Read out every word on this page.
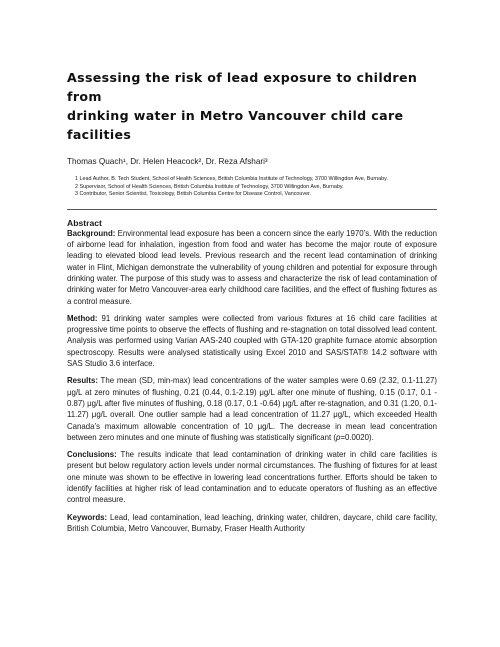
Assessing the risk of lead exposure to children from
drinking water in Metro Vancouver child care facilities
Thomas Quach¹, Dr. Helen Heacock², Dr. Reza Afshari³
1 Lead Author, B. Tech Student, School of Health Sciences, British Columbia Institute of Technology, 3700 Willingdon Ave, Burnaby.
2 Supervisor, School of Health Sciences, British Columbia Institute of Technology, 3700 Willingdon Ave, Burnaby.
3 Contributor, Senior Scientist, Toxicology, British Columbia Centre for Disease Control, Vancouver.
Abstract

Background: Environmental lead exposure has been a concern since the early 1970’s. With the reduction of airborne lead for inhalation, ingestion from food and water has become the major route of exposure leading to elevated blood lead levels. Previous research and the recent lead contamination of drinking water in Flint, Michigan demonstrate the vulnerability of young children and potential for exposure through drinking water. The purpose of this study was to assess and characterize the risk of lead contamination of drinking water for Metro Vancouver-area early childhood care facilities, and the effect of flushing fixtures as a control measure.

Method: 91 drinking water samples were collected from various fixtures at 16 child care facilities at progressive time points to observe the effects of flushing and re-stagnation on total dissolved lead content. Analysis was performed using Varian AAS-240 coupled with GTA-120 graphite furnace atomic absorption spectroscopy. Results were analysed statistically using Excel 2010 and SAS/STAT® 14.2 software with SAS Studio 3.6 interface.

Results: The mean (SD, min-max) lead concentrations of the water samples were 0.69 (2.32, 0.1-11.27) μg/L at zero minutes of flushing, 0.21 (0.44, 0.1-2.19) μg/L after one minute of flushing, 0.15 (0.17, 0.1 - 0.87) μg/L after five minutes of flushing, 0.18 (0.17, 0.1 -0.64) μg/L after re-stagnation, and 0.31 (1.20, 0.1-11.27) μg/L overall. One outlier sample had a lead concentration of 11.27 μg/L, which exceeded Health Canada’s maximum allowable concentration of 10 μg/L. The decrease in mean lead concentration between zero minutes and one minute of flushing was statistically significant (p=0.0020).

Conclusions: The results indicate that lead contamination of drinking water in child care facilities is present but below regulatory action levels under normal circumstances. The flushing of fixtures for at least one minute was shown to be effective in lowering lead concentrations further. Efforts should be taken to identify facilities at higher risk of lead contamination and to educate operators of flushing as an effective control measure.

Keywords: Lead, lead contamination, lead leaching, drinking water, children, daycare, child care facility, British Columbia, Metro Vancouver, Burnaby, Fraser Health Authority
